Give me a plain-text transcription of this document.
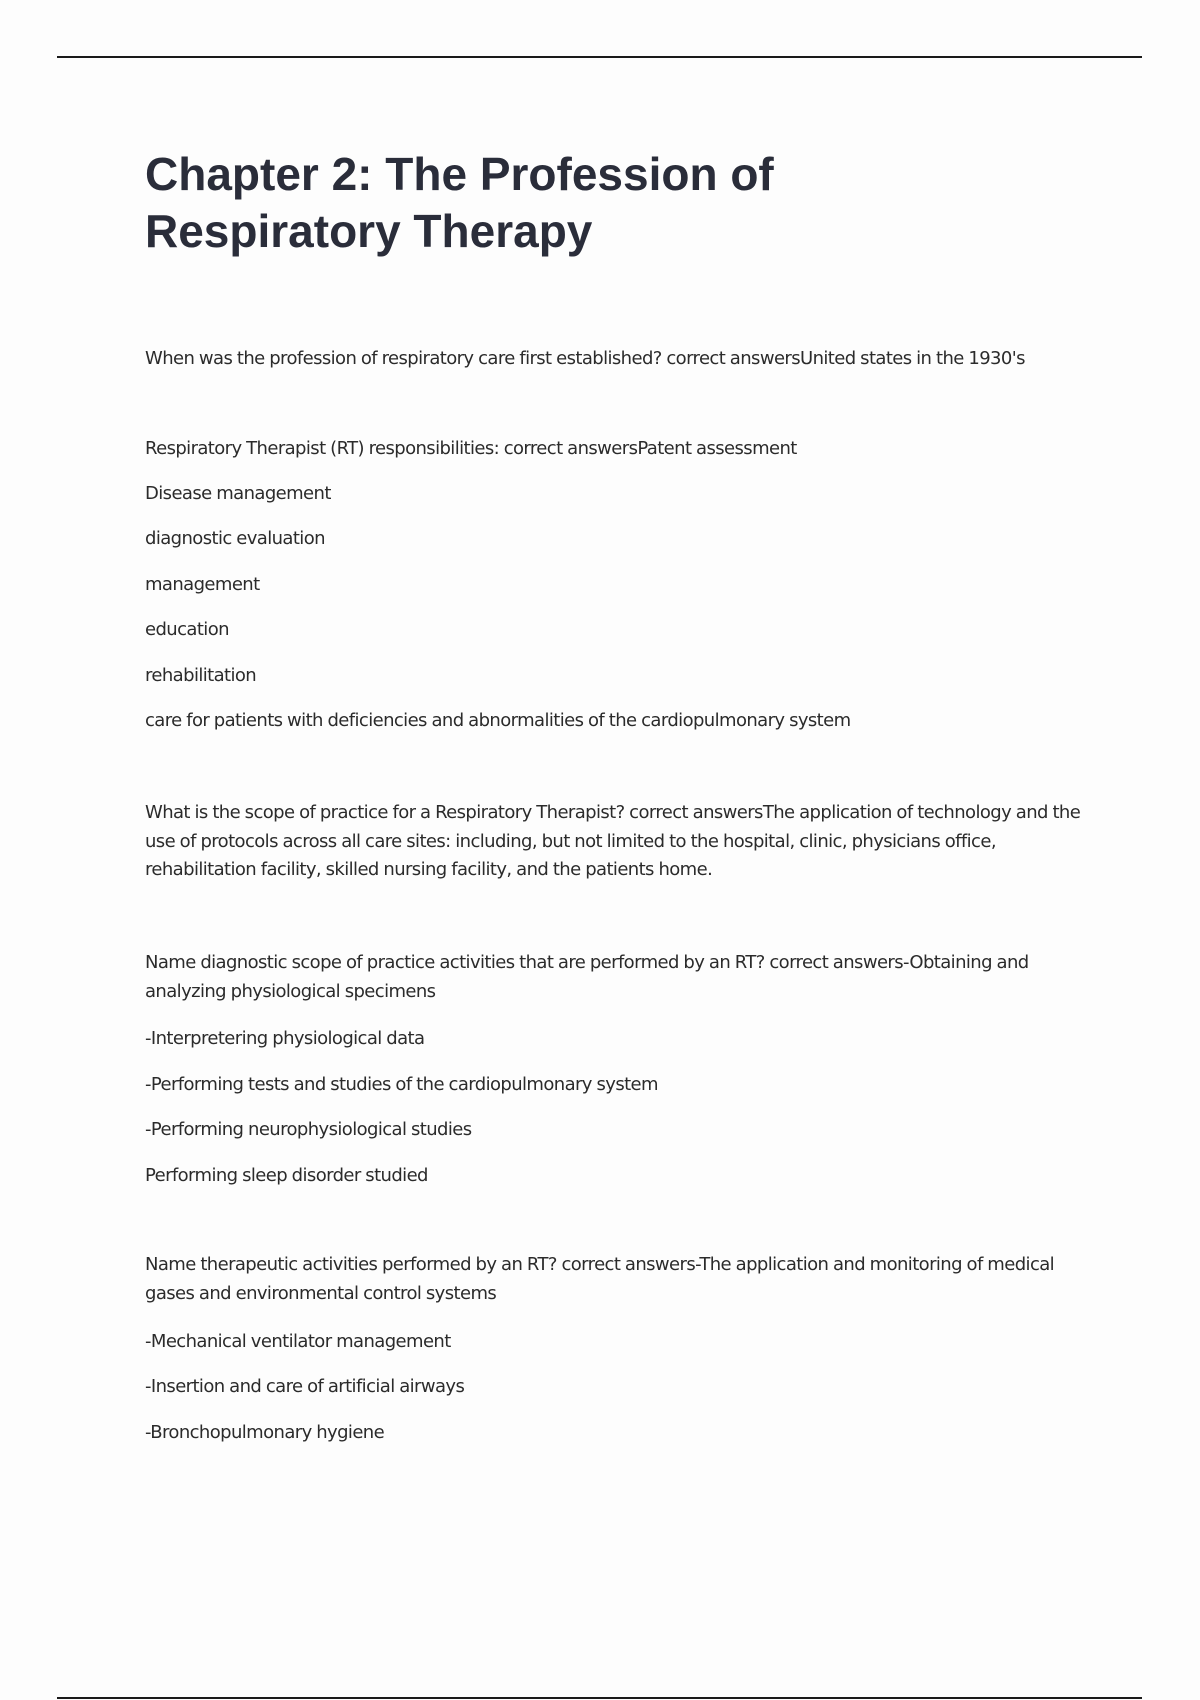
Chapter 2: The Profession of
Respiratory Therapy

When was the profession of respiratory care first established? correct answersUnited states in the 1930's

Respiratory Therapist (RT) responsibilities: correct answersPatent assessment

Disease management

diagnostic evaluation

management

education

rehabilitation

care for patients with deficiencies and abnormalities of the cardiopulmonary system

What is the scope of practice for a Respiratory Therapist? correct answersThe application of technology and the use of protocols across all care sites: including, but not limited to the hospital, clinic, physicians office, rehabilitation facility, skilled nursing facility, and the patients home.

Name diagnostic scope of practice activities that are performed by an RT? correct answers-Obtaining and analyzing physiological specimens

-Interpretering physiological data

-Performing tests and studies of the cardiopulmonary system

-Performing neurophysiological studies

Performing sleep disorder studied

Name therapeutic activities performed by an RT? correct answers-The application and monitoring of medical gases and environmental control systems

-Mechanical ventilator management

-Insertion and care of artificial airways

-Bronchopulmonary hygiene
